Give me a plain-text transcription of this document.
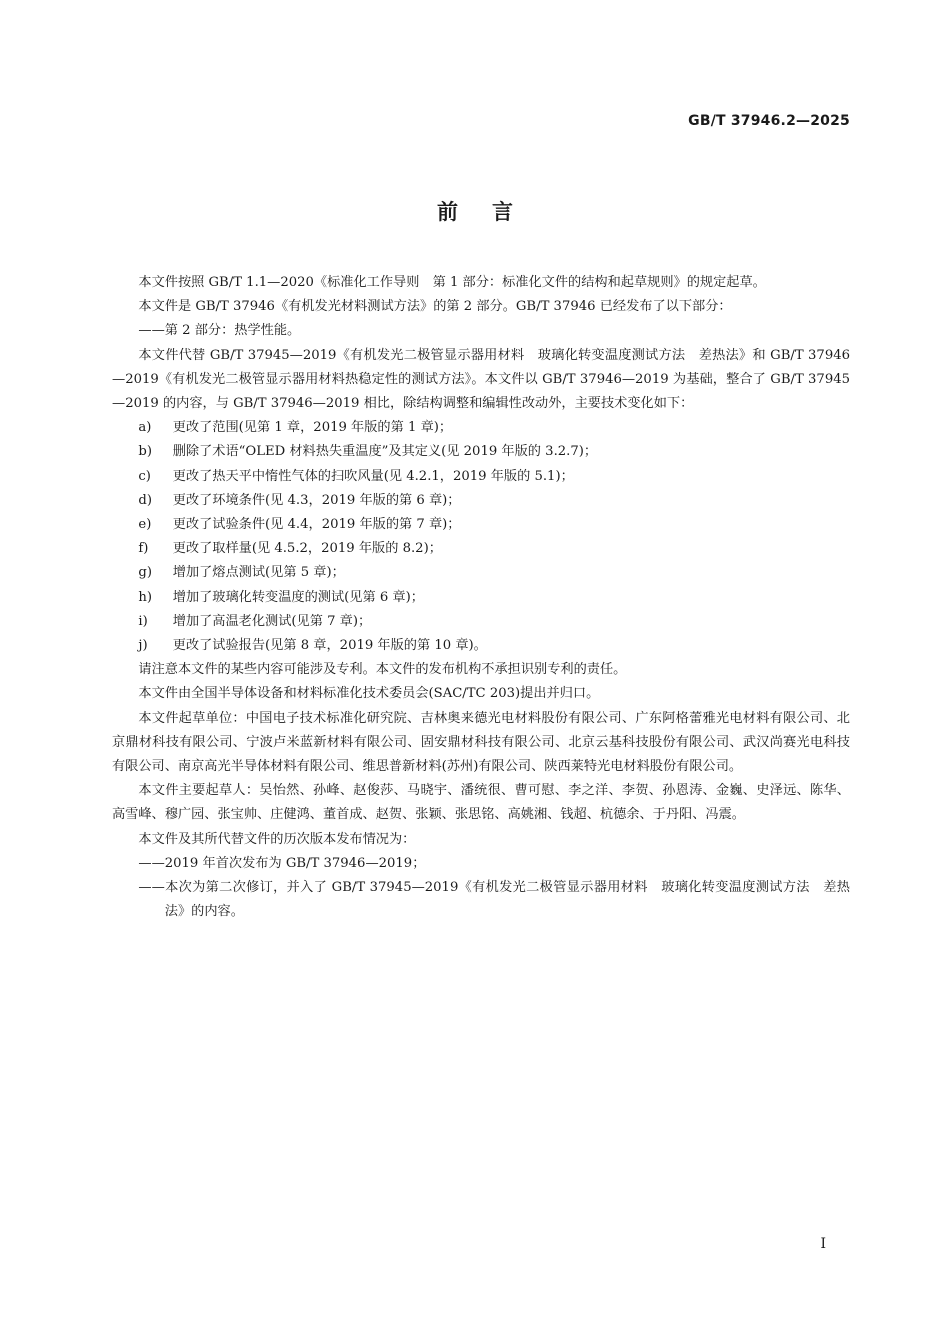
GB/T 37946.2—2025
前言

本文件按照 GB/T 1.1—2020《标准化工作导则　第 1 部分：标准化文件的结构和起草规则》的规定起草。

本文件是 GB/T 37946《有机发光材料测试方法》的第 2 部分。GB/T 37946 已经发布了以下部分：

——第 2 部分：热学性能。

本文件代替 GB/T 37945—2019《有机发光二极管显示器用材料　玻璃化转变温度测试方法　差热法》和 GB/T 37946—2019《有机发光二极管显示器用材料热稳定性的测试方法》。本文件以 GB/T 37946—2019 为基础，整合了 GB/T 37945—2019 的内容，与 GB/T 37946—2019 相比，除结构调整和编辑性改动外，主要技术变化如下：

a)	更改了范围(见第 1 章，2019 年版的第 1 章)；
b)	删除了术语“OLED 材料热失重温度”及其定义(见 2019 年版的 3.2.7)；
c)	更改了热天平中惰性气体的扫吹风量(见 4.2.1，2019 年版的 5.1)；
d)	更改了环境条件(见 4.3，2019 年版的第 6 章)；
e)	更改了试验条件(见 4.4，2019 年版的第 7 章)；
f)	更改了取样量(见 4.5.2，2019 年版的 8.2)；
g)	增加了熔点测试(见第 5 章)；
h)	增加了玻璃化转变温度的测试(见第 6 章)；
i)	增加了高温老化测试(见第 7 章)；
j)	更改了试验报告(见第 8 章，2019 年版的第 10 章)。

请注意本文件的某些内容可能涉及专利。本文件的发布机构不承担识别专利的责任。

本文件由全国半导体设备和材料标准化技术委员会(SAC/TC 203)提出并归口。

本文件起草单位：中国电子技术标准化研究院、吉林奥来德光电材料股份有限公司、广东阿格蕾雅光电材料有限公司、北京鼎材科技有限公司、宁波卢米蓝新材料有限公司、固安鼎材科技有限公司、北京云基科技股份有限公司、武汉尚赛光电科技有限公司、南京高光半导体材料有限公司、维思普新材料(苏州)有限公司、陕西莱特光电材料股份有限公司。

本文件主要起草人：吴怡然、孙峰、赵俊莎、马晓宇、潘统很、曹可慰、李之洋、李贺、孙恩涛、金巍、史泽远、陈华、高雪峰、穆广园、张宝帅、庄健鸿、董首成、赵贺、张颖、张思铭、高姚湘、钱超、杭德余、于丹阳、冯震。

本文件及其所代替文件的历次版本发布情况为：

——2019 年首次发布为 GB/T 37946—2019；

——本次为第二次修订，并入了 GB/T 37945—2019《有机发光二极管显示器用材料　玻璃化转变温度测试方法　差热法》的内容。

I
